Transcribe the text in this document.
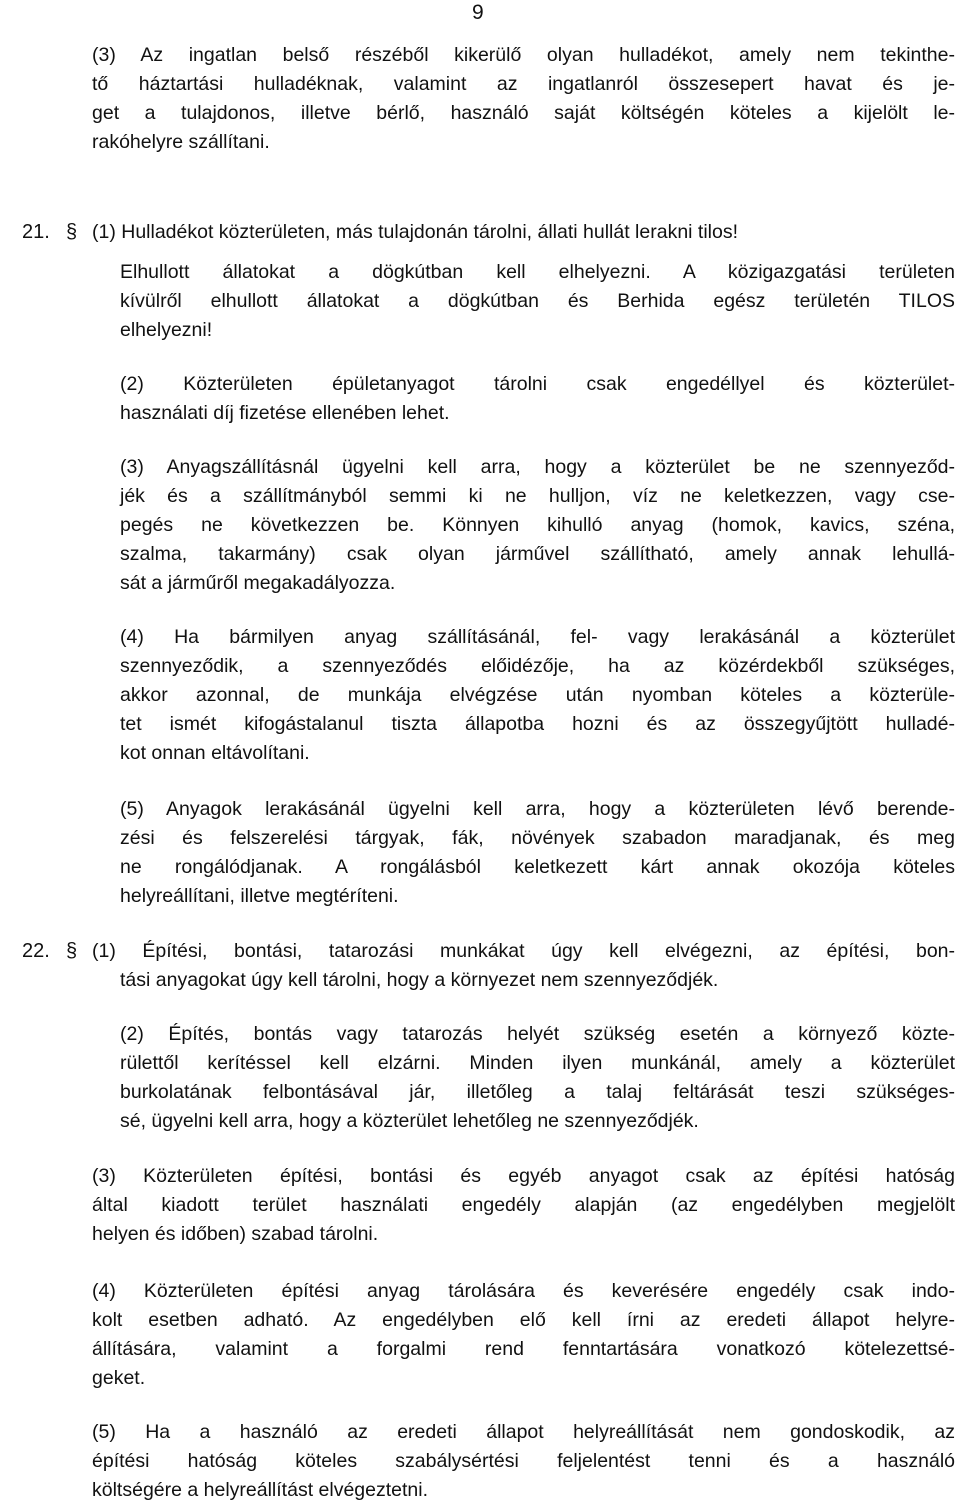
9
(3) Az ingatlan belső részéből kikerülő olyan hulladékot, amely nem tekinthe-
tő háztartási hulladéknak, valamint az ingatlanról összesepert havat és je-
get a tulajdonos, illetve bérlő, használó saját költségén köteles a kijelölt le-
rakóhelyre szállítani.
21. § (1) Hulladékot közterületen, más tulajdonán tárolni, állati hullát lerakni tilos!
Elhullott állatokat a dögkútban kell elhelyezni. A közigazgatási területen
kívülről elhullott állatokat a dögkútban és Berhida egész területén TILOS
elhelyezni!
(2) Közterületen épületanyagot tárolni csak engedéllyel és közterület-
használati díj fizetése ellenében lehet.
(3) Anyagszállításnál ügyelni kell arra, hogy a közterület be ne szennyeződ-
jék és a szállítmányból semmi ki ne hulljon, víz ne keletkezzen, vagy cse-
pegés ne következzen be. Könnyen kihulló anyag (homok, kavics, széna,
szalma, takarmány) csak olyan járművel szállítható, amely annak lehullá-
sát a járműről megakadályozza.
(4) Ha bármilyen anyag szállításánál, fel- vagy lerakásánál a közterület
szennyeződik, a szennyeződés előidézője, ha az közérdekből szükséges,
akkor azonnal, de munkája elvégzése után nyomban köteles a közterüle-
tet ismét kifogástalanul tiszta állapotba hozni és az összegyűjtött hulladé-
kot onnan eltávolítani.
(5) Anyagok lerakásánál ügyelni kell arra, hogy a közterületen lévő berende-
zési és felszerelési tárgyak, fák, növények szabadon maradjanak, és meg
ne rongálódjanak. A rongálásból keletkezett kárt annak okozója köteles
helyreállítani, illetve megtéríteni.
22. § (1) Építési, bontási, tatarozási munkákat úgy kell elvégezni, az építési, bon-
tási anyagokat úgy kell tárolni, hogy a környezet nem szennyeződjék.
(2) Építés, bontás vagy tatarozás helyét szükség esetén a környező közte-
rülettől kerítéssel kell elzárni. Minden ilyen munkánál, amely a közterület
burkolatának felbontásával jár, illetőleg a talaj feltárását teszi szükséges-
sé, ügyelni kell arra, hogy a közterület lehetőleg ne szennyeződjék.
(3) Közterületen építési, bontási és egyéb anyagot csak az építési hatóság
által kiadott terület használati engedély alapján (az engedélyben megjelölt
helyen és időben) szabad tárolni.
(4) Közterületen építési anyag tárolására és keverésére engedély csak indo-
kolt esetben adható. Az engedélyben elő kell írni az eredeti állapot helyre-
állítására, valamint a forgalmi rend fenntartására vonatkozó kötelezettsé-
geket.
(5) Ha a használó az eredeti állapot helyreállítását nem gondoskodik, az
építési hatóság köteles szabálysértési feljelentést tenni és a használó
költségére a helyreállítást elvégeztetni.
